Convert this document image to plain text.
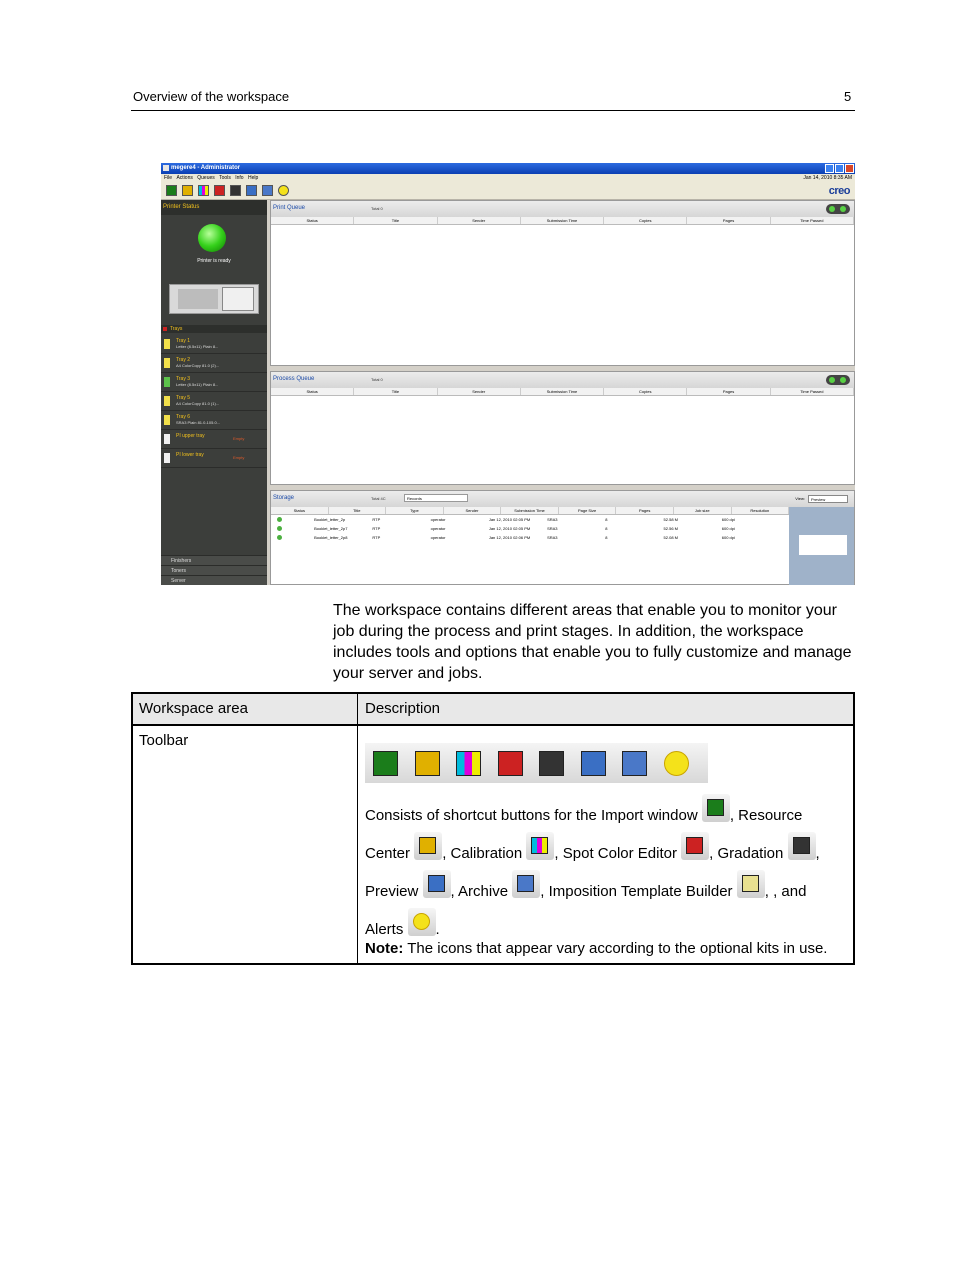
Overview of the workspace	5
megere4 - Administrator
File Actions Queues Tools Info Help	Jan 14, 2010 8:35 AM
creo
Printer Status
Printer is ready
Trays
Tray 1
Letter (8.5x11) Plain 8...
Tray 2
A4 ColorCopy 81.0 (2)...
Tray 3
Letter (8.5x11) Plain 8...
Tray 5
A4 ColorCopy 81.0 (1)...
Tray 6
SRA3 Plain 81.0-105.0...
PI upper tray	Empty
PI lower tray	Empty
Finishers
Toners
Server
Print Queue	Total 0
Status	Title	Sender	Submission Time	Copies	Pages	Time Passed
Process Queue	Total 0
Status	Title	Sender	Submission Time	Copies	Pages	Time Passed
Storage	Total 4C	Records	View:	Preview
Status	Title	Type	Sender	Submission Time	Page Size	Pages	Job size	Resolution
Booklet_letter_2p	RTP	operator	Jan 12, 2010 02:05 PM	SRA3	8	52.58 M	600 dpi
Booklet_letter_2p7	RTP	operator	Jan 12, 2010 02:05 PM	SRA3	8	52.56 M	600 dpi
Booklet_letter_2p8	RTP	operator	Jan 12, 2010 02:06 PM	SRA3	8	52.08 M	600 dpi
The workspace contains different areas that enable you to monitor your job during the process and print stages. In addition, the workspace includes tools and options that enable you to fully customize and manage your server and jobs.
Workspace area	Description
Toolbar
Consists of shortcut buttons for the Import window , Resource Center , Calibration , Spot Color Editor , Gradation , Preview , Archive , Imposition Template Builder , , and Alerts .
Note: The icons that appear vary according to the optional kits in use.
